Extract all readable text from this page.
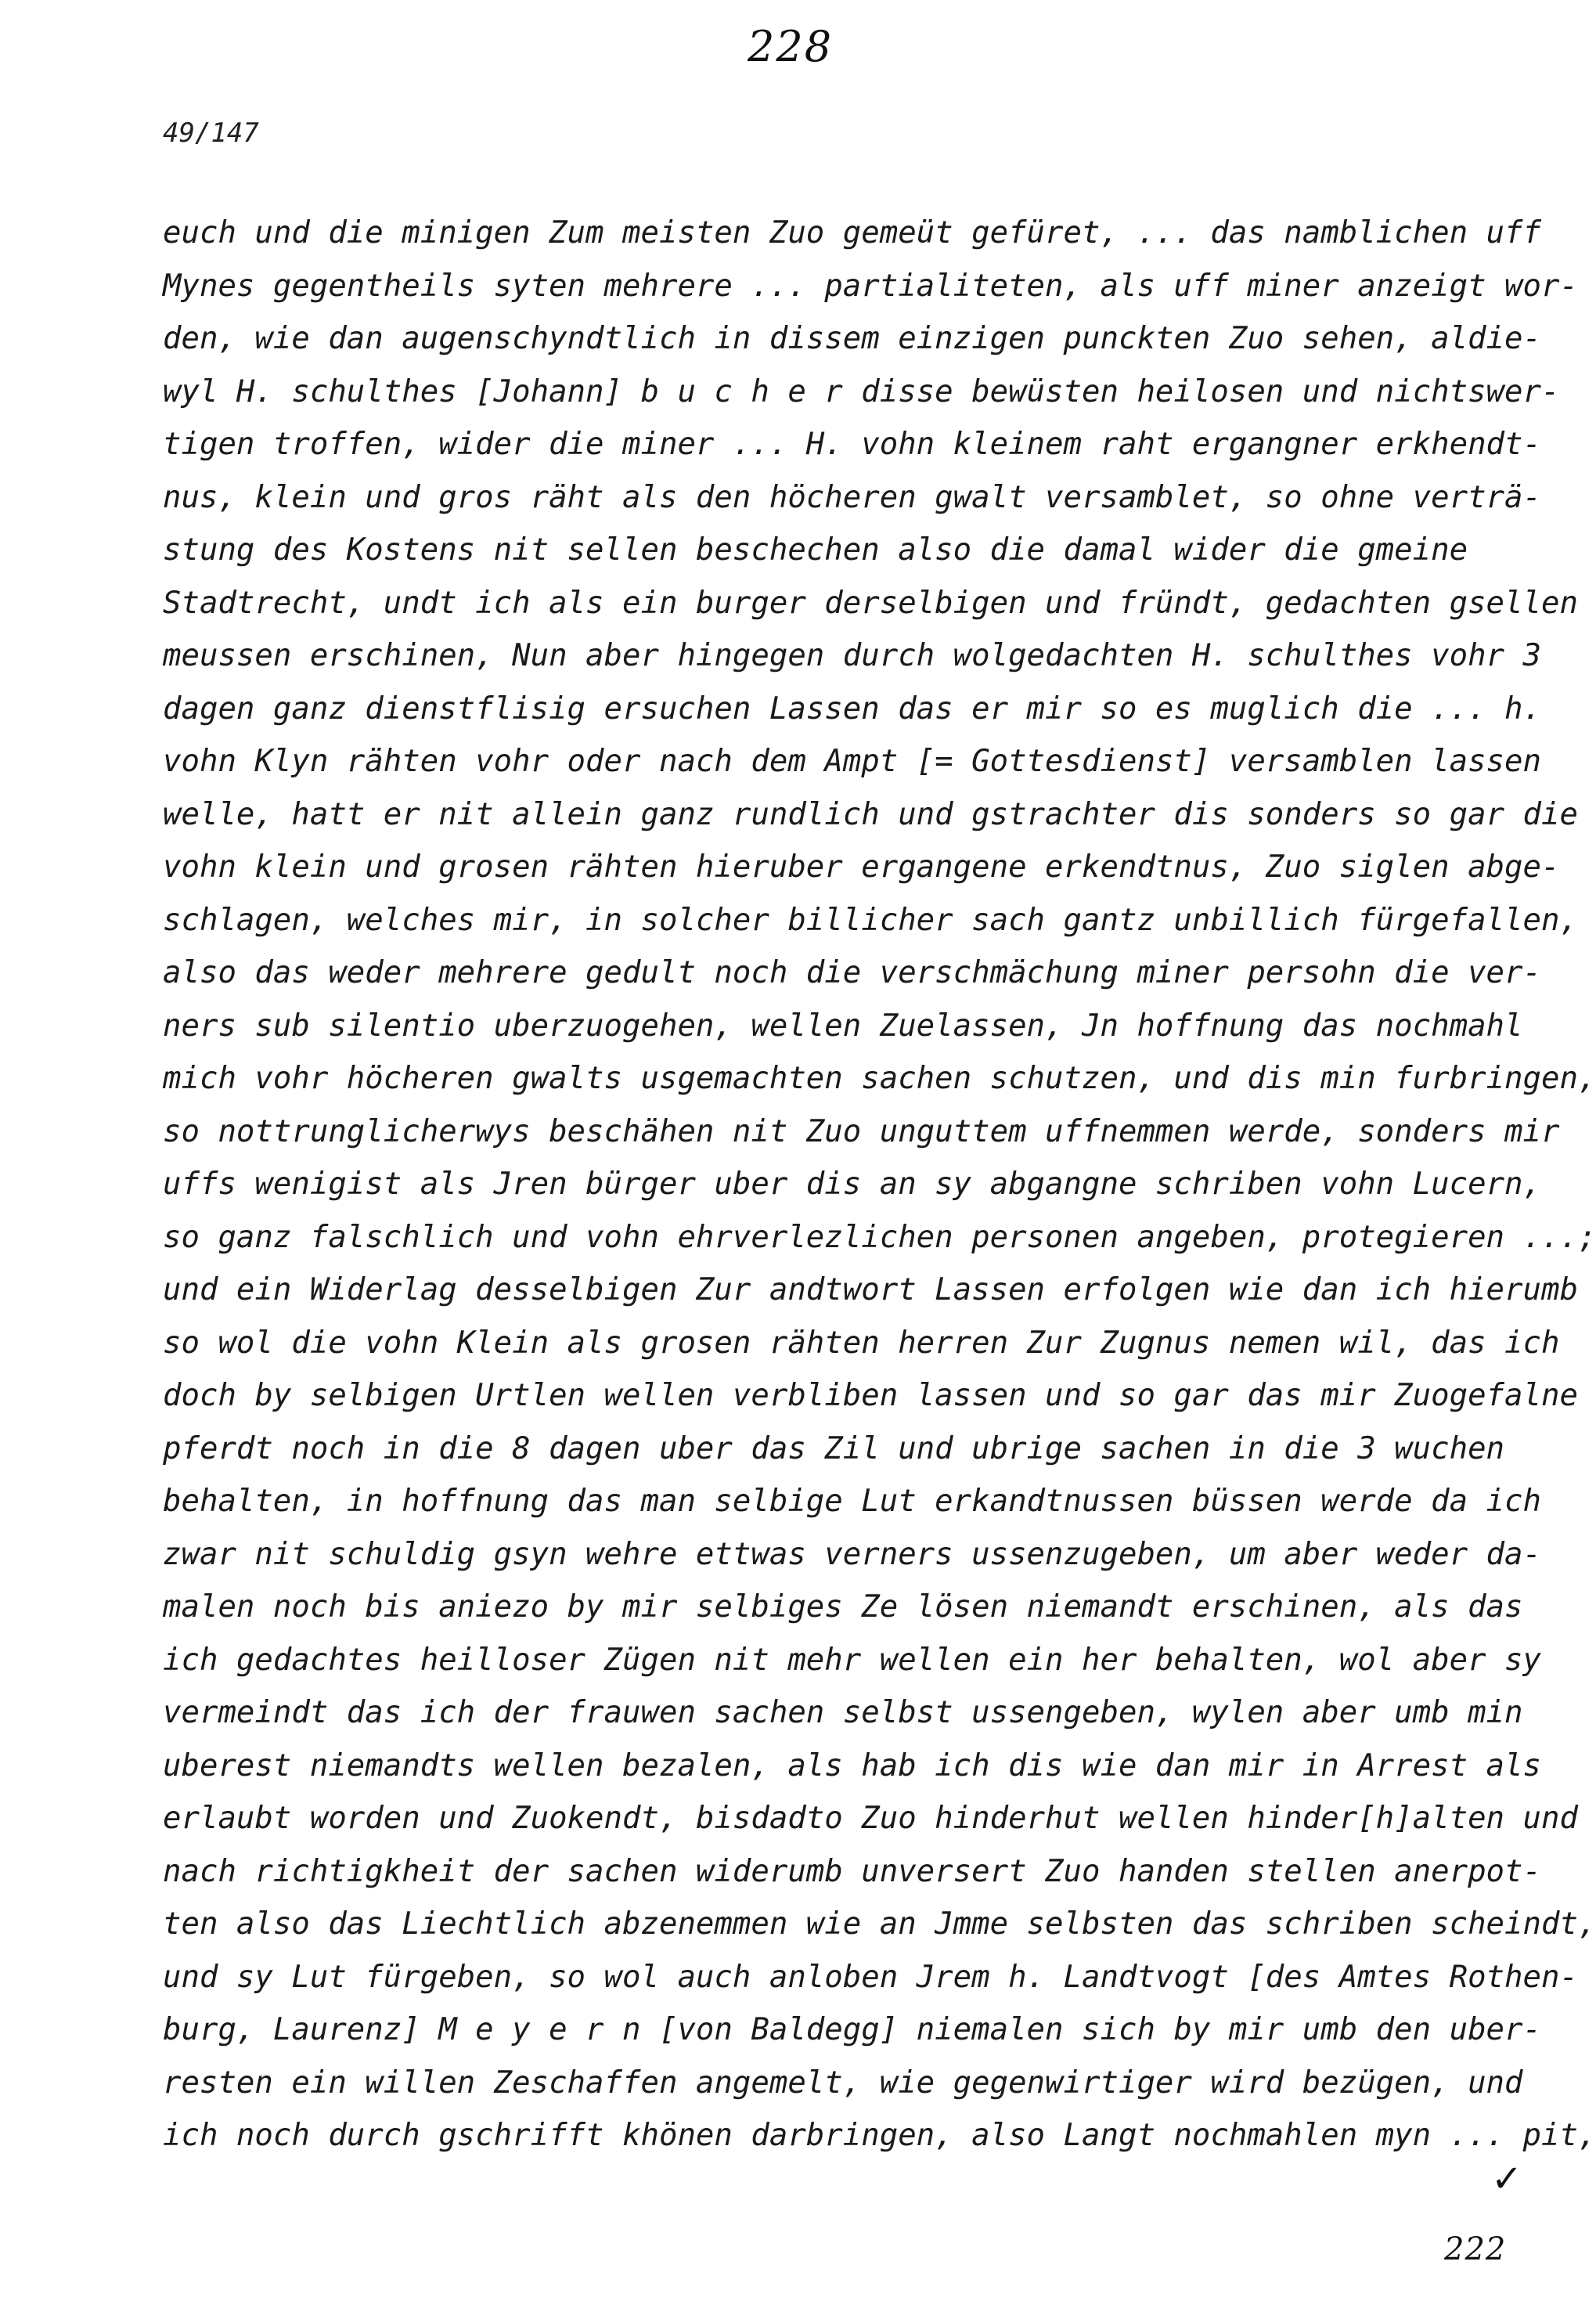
228
49/147
euch und die minigen Zum meisten Zuo gemeüt gefüret, ... das namblichen uff
Mynes gegentheils syten mehrere ... partialiteten, als uff miner anzeigt wor-
den, wie dan augenschyndtlich in dissem einzigen punckten Zuo sehen, aldie-
wyl H. schulthes [Johann] b u c h e r disse bewüsten heilosen und nichtswer-
tigen troffen, wider die miner ... H. vohn kleinem raht ergangner erkhendt-
nus, klein und gros räht als den höcheren gwalt versamblet, so ohne verträ-
stung des Kostens nit sellen beschechen also die damal wider die gmeine
Stadtrecht, undt ich als ein burger derselbigen und fründt, gedachten gsellen
meussen erschinen, Nun aber hingegen durch wolgedachten H. schulthes vohr 3
dagen ganz dienstflisig ersuchen Lassen das er mir so es muglich die ... h.
vohn Klyn rähten vohr oder nach dem Ampt [= Gottesdienst] versamblen lassen
welle, hatt er nit allein ganz rundlich und gstrachter dis sonders so gar die
vohn klein und grosen rähten hieruber ergangene erkendtnus, Zuo siglen abge-
schlagen, welches mir, in solcher billicher sach gantz unbillich fürgefallen,
also das weder mehrere gedult noch die verschmächung miner persohn die ver-
ners sub silentio uberzuogehen, wellen Zuelassen, Jn hoffnung das nochmahl
mich vohr höcheren gwalts usgemachten sachen schutzen, und dis min furbringen,
so nottrunglicherwys beschähen nit Zuo unguttem uffnemmen werde, sonders mir
uffs wenigist als Jren bürger uber dis an sy abgangne schriben vohn Lucern,
so ganz falschlich und vohn ehrverlezlichen personen angeben, protegieren ...;
und ein Widerlag desselbigen Zur andtwort Lassen erfolgen wie dan ich hierumb
so wol die vohn Klein als grosen rähten herren Zur Zugnus nemen wil, das ich
doch by selbigen Urtlen wellen verbliben lassen und so gar das mir Zuogefalne
pferdt noch in die 8 dagen uber das Zil und ubrige sachen in die 3 wuchen
behalten, in hoffnung das man selbige Lut erkandtnussen büssen werde da ich
zwar nit schuldig gsyn wehre ettwas verners ussenzugeben, um aber weder da-
malen noch bis aniezo by mir selbiges Ze lösen niemandt erschinen, als das
ich gedachtes heilloser Zügen nit mehr wellen ein her behalten, wol aber sy
vermeindt das ich der frauwen sachen selbst ussengeben, wylen aber umb min
uberest niemandts wellen bezalen, als hab ich dis wie dan mir in Arrest als
erlaubt worden und Zuokendt, bisdadto Zuo hinderhut wellen hinder[h]alten und
nach richtigkheit der sachen widerumb unversert Zuo handen stellen anerpot-
ten also das Liechtlich abzenemmen wie an Jmme selbsten das schriben scheindt,
und sy Lut fürgeben, so wol auch anloben Jrem h. Landtvogt [des Amtes Rothen-
burg, Laurenz] M e y e r n [von Baldegg] niemalen sich by mir umb den uber-
resten ein willen Zeschaffen angemelt, wie gegenwirtiger wird bezügen, und
ich noch durch gschrifft khönen darbringen, also Langt nochmahlen myn ... pit,
✓
222
